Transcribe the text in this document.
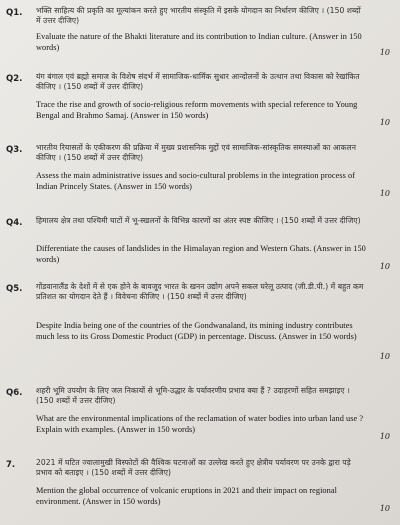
Q1. भक्ति साहित्य की प्रकृति का मूल्यांकन करते हुए भारतीय संस्कृति में इसके योगदान का निर्धारण कीजिए । (150 शब्दों में उत्तर दीजिए)
Evaluate the nature of the Bhakti literature and its contribution to Indian culture. (Answer in 150 words)
10
Q2. यंग बंगाल एवं ब्रह्मो समाज के विशेष संदर्भ में सामाजिक-धार्मिक सुधार आन्दोलनों के उत्थान तथा विकास को रेखांकित कीजिए । (150 शब्दों में उत्तर दीजिए)
Trace the rise and growth of socio-religious reform movements with special reference to Young Bengal and Brahmo Samaj. (Answer in 150 words)
10
Q3. भारतीय रियासतों के एकीकरण की प्रक्रिया में मुख्य प्रशासनिक मुद्दों एवं सामाजिक-सांस्कृतिक समस्याओं का आकलन कीजिए । (150 शब्दों में उत्तर दीजिए)
Assess the main administrative issues and socio-cultural problems in the integration process of Indian Princely States. (Answer in 150 words)
10
Q4. हिमालय क्षेत्र तथा पश्चिमी घाटों में भू-स्खलनों के विभिन्न कारणों का अंतर स्पष्ट कीजिए । (150 शब्दों में उत्तर दीजिए)
Differentiate the causes of landslides in the Himalayan region and Western Ghats. (Answer in 150 words)
10
Q5. गोंडवानालैंड के देशों में से एक होने के बावजूद भारत के खनन उद्योग अपने सकल घरेलू उत्पाद (जी.डी.पी.) में बहुत कम प्रतिशत का योगदान देते हैं । विवेचना कीजिए । (150 शब्दों में उत्तर दीजिए)
Despite India being one of the countries of the Gondwanaland, its mining industry contributes much less to its Gross Domestic Product (GDP) in percentage. Discuss. (Answer in 150 words)
10
Q6. शहरी भूमि उपयोग के लिए जल निकायों से भूमि-उद्धार के पर्यावरणीय प्रभाव क्या हैं ? उदाहरणों सहित समझाइए । (150 शब्दों में उत्तर दीजिए)
What are the environmental implications of the reclamation of water bodies into urban land use ? Explain with examples. (Answer in 150 words)
10
7.	2021 में घटित ज्वालामुखी विस्फोटों की वैश्विक घटनाओं का उल्लेख करते हुए क्षेत्रीय पर्यावरण पर उनके द्वारा पड़े प्रभाव को बताइए । (150 शब्दों में उत्तर दीजिए)
Mention the global occurrence of volcanic eruptions in 2021 and their impact on regional environment. (Answer in 150 words)
10
